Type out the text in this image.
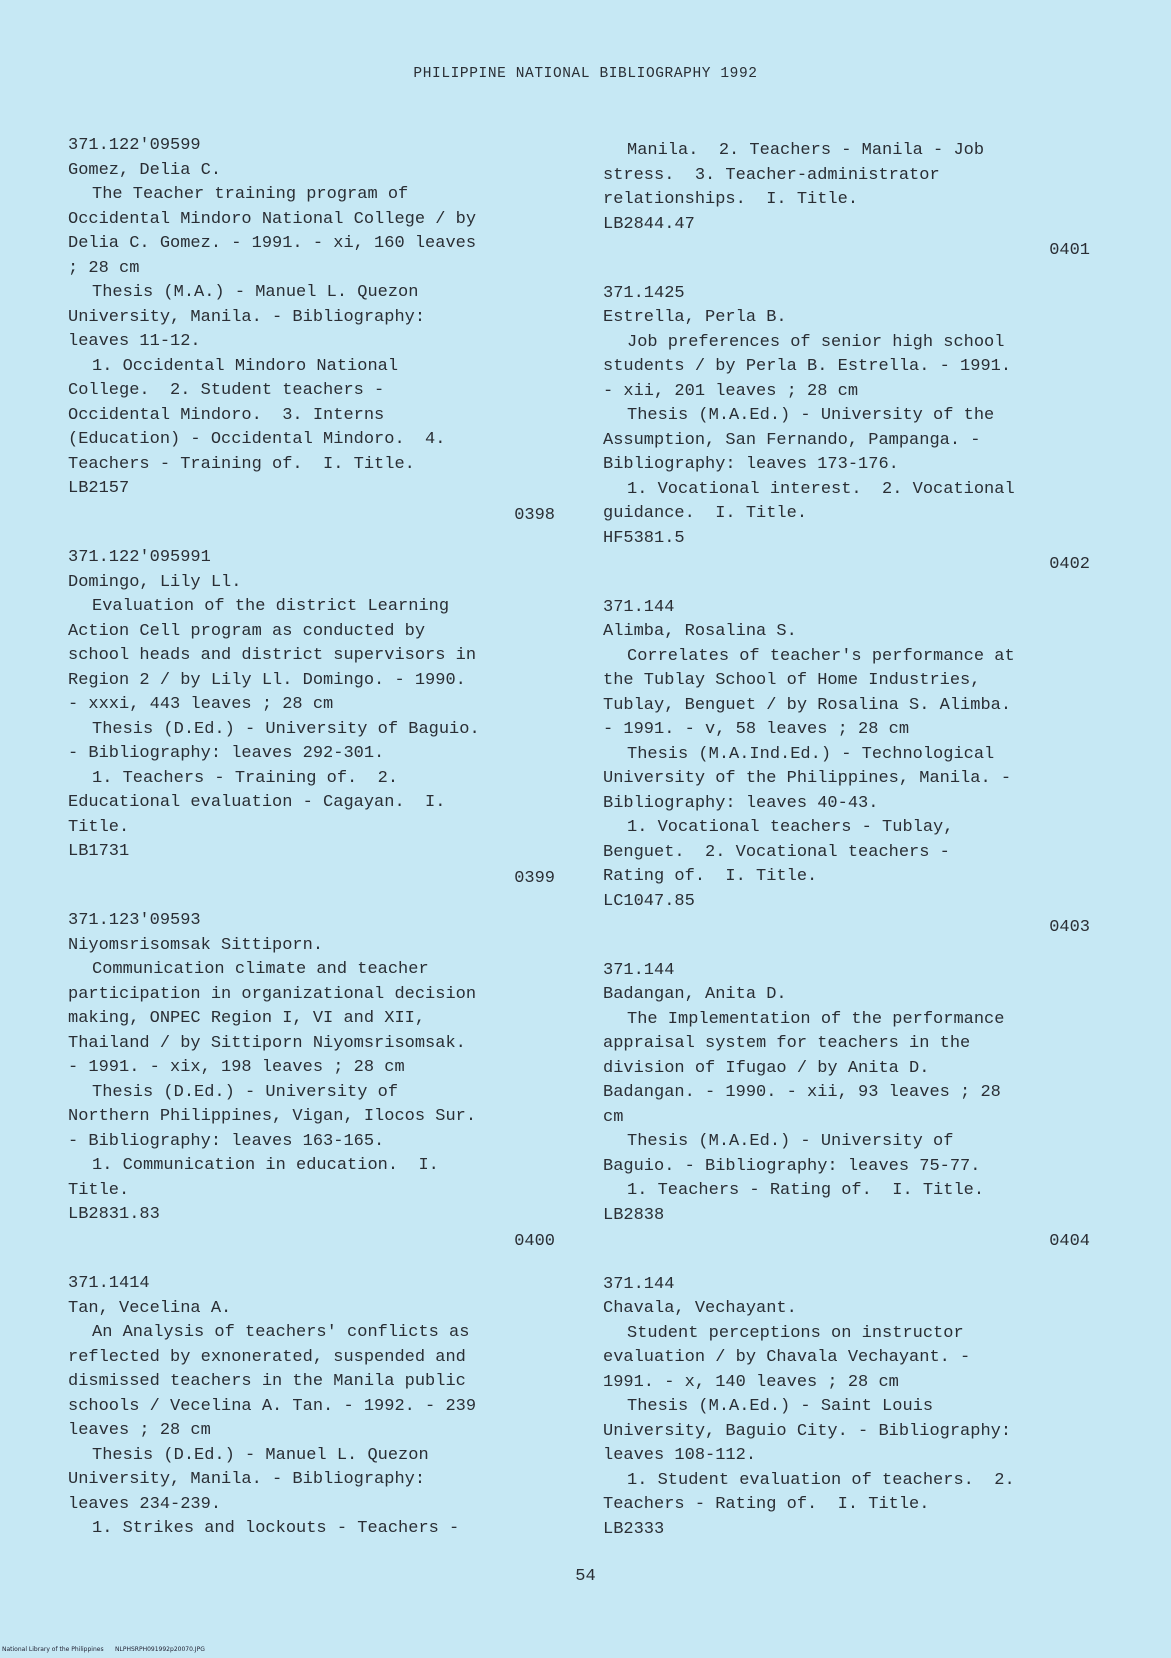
PHILIPPINE NATIONAL BIBLIOGRAPHY 1992
371.122'09599
Gomez, Delia C.
The Teacher training program of
Occidental Mindoro National College / by
Delia C. Gomez. - 1991. - xi, 160 leaves
; 28 cm
Thesis (M.A.) - Manuel L. Quezon
University, Manila. - Bibliography:
leaves 11-12.
1. Occidental Mindoro National
College.  2. Student teachers -
Occidental Mindoro.  3. Interns
(Education) - Occidental Mindoro.  4.
Teachers - Training of.  I. Title.
LB2157
0398
371.122'095991
Domingo, Lily Ll.
Evaluation of the district Learning
Action Cell program as conducted by
school heads and district supervisors in
Region 2 / by Lily Ll. Domingo. - 1990.
- xxxi, 443 leaves ; 28 cm
Thesis (D.Ed.) - University of Baguio.
- Bibliography: leaves 292-301.
1. Teachers - Training of.  2.
Educational evaluation - Cagayan.  I.
Title.
LB1731
0399
371.123'09593
Niyomsrisomsak Sittiporn.
Communication climate and teacher
participation in organizational decision
making, ONPEC Region I, VI and XII,
Thailand / by Sittiporn Niyomsrisomsak.
- 1991. - xix, 198 leaves ; 28 cm
Thesis (D.Ed.) - University of
Northern Philippines, Vigan, Ilocos Sur.
- Bibliography: leaves 163-165.
1. Communication in education.  I.
Title.
LB2831.83
0400
371.1414
Tan, Vecelina A.
An Analysis of teachers' conflicts as
reflected by exnonerated, suspended and
dismissed teachers in the Manila public
schools / Vecelina A. Tan. - 1992. - 239
leaves ; 28 cm
Thesis (D.Ed.) - Manuel L. Quezon
University, Manila. - Bibliography:
leaves 234-239.
1. Strikes and lockouts - Teachers -
Manila.  2. Teachers - Manila - Job
stress.  3. Teacher-administrator
relationships.  I. Title.
LB2844.47
0401
371.1425
Estrella, Perla B.
Job preferences of senior high school
students / by Perla B. Estrella. - 1991.
- xii, 201 leaves ; 28 cm
Thesis (M.A.Ed.) - University of the
Assumption, San Fernando, Pampanga. -
Bibliography: leaves 173-176.
1. Vocational interest.  2. Vocational
guidance.  I. Title.
HF5381.5
0402
371.144
Alimba, Rosalina S.
Correlates of teacher's performance at
the Tublay School of Home Industries,
Tublay, Benguet / by Rosalina S. Alimba.
- 1991. - v, 58 leaves ; 28 cm
Thesis (M.A.Ind.Ed.) - Technological
University of the Philippines, Manila. -
Bibliography: leaves 40-43.
1. Vocational teachers - Tublay,
Benguet.  2. Vocational teachers -
Rating of.  I. Title.
LC1047.85
0403
371.144
Badangan, Anita D.
The Implementation of the performance
appraisal system for teachers in the
division of Ifugao / by Anita D.
Badangan. - 1990. - xii, 93 leaves ; 28
cm
Thesis (M.A.Ed.) - University of
Baguio. - Bibliography: leaves 75-77.
1. Teachers - Rating of.  I. Title.
LB2838
0404
371.144
Chavala, Vechayant.
Student perceptions on instructor
evaluation / by Chavala Vechayant. -
1991. - x, 140 leaves ; 28 cm
Thesis (M.A.Ed.) - Saint Louis
University, Baguio City. - Bibliography:
leaves 108-112.
1. Student evaluation of teachers.  2.
Teachers - Rating of.  I. Title.
LB2333
54
National Library of the Philippines NLPHSRPH091992p20070.JPG
